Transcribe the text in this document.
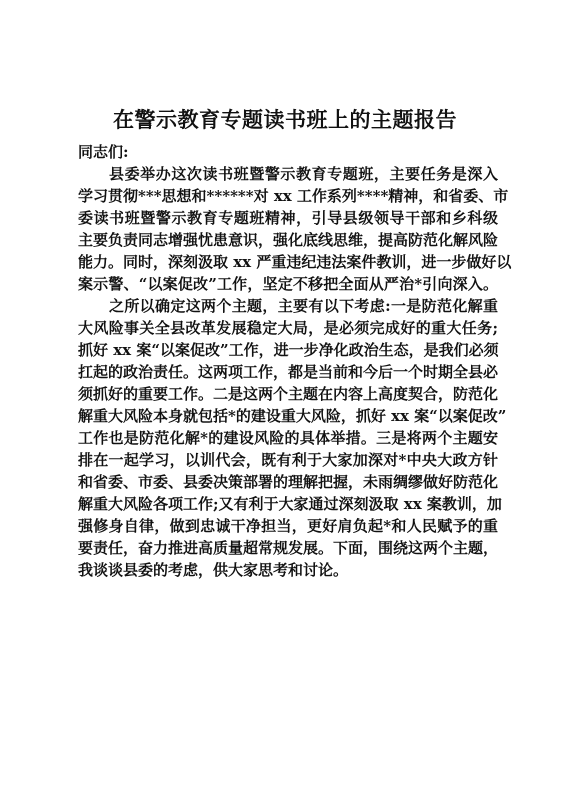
在警示教育专题读书班上的主题报告
同志们:
县委举办这次读书班暨警示教育专题班，主要任务是深入
学习贯彻***思想和******对 xx 工作系列****精神，和省委、市
委读书班暨警示教育专题班精神，引导县级领导干部和乡科级
主要负责同志增强忧患意识，强化底线思维，提高防范化解风险
能力。同时，深刻汲取 xx 严重违纪违法案件教训，进一步做好以
案示警、“以案促改”工作，坚定不移把全面从严治*引向深入。
之所以确定这两个主题，主要有以下考虑:一是防范化解重
大风险事关全县改革发展稳定大局，是必须完成好的重大任务;
抓好 xx 案“以案促改”工作，进一步净化政治生态，是我们必须
扛起的政治责任。这两项工作，都是当前和今后一个时期全县必
须抓好的重要工作。二是这两个主题在内容上高度契合，防范化
解重大风险本身就包括*的建设重大风险，抓好 xx 案“以案促改”
工作也是防范化解*的建设风险的具体举措。三是将两个主题安
排在一起学习，以训代会，既有利于大家加深对*中央大政方针
和省委、市委、县委决策部署的理解把握，未雨绸缪做好防范化
解重大风险各项工作;又有利于大家通过深刻汲取 xx 案教训，加
强修身自律，做到忠诚干净担当，更好肩负起*和人民赋予的重
要责任，奋力推进高质量超常规发展。下面，围绕这两个主题，
我谈谈县委的考虑，供大家思考和讨论。
